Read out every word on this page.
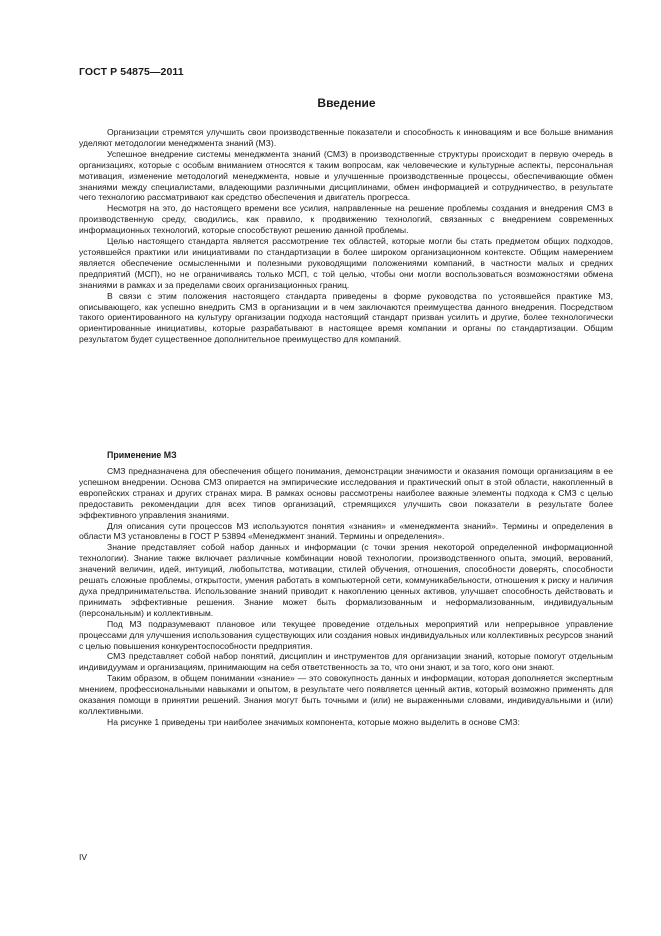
ГОСТ Р 54875—2011
Введение

Организации стремятся улучшить свои производственные показатели и способность к инновациям и все больше внимания уделяют методологии менеджмента знаний (МЗ).

Успешное внедрение системы менеджмента знаний (СМЗ) в производственные структуры происходит в первую очередь в организациях, которые с особым вниманием относятся к таким вопросам, как человеческие и культурные аспекты, персональная мотивация, изменение методологий менеджмента, новые и улучшенные производственные процессы, обеспечивающие обмен знаниями между специалистами, владеющими различными дисциплинами, обмен информацией и сотрудничество, в результате чего технологию рассматривают как средство обеспечения и двигатель прогресса.

Несмотря на это, до настоящего времени все усилия, направленные на решение проблемы создания и внедрения СМЗ в производственную среду, сводились, как правило, к продвижению технологий, связанных с внедрением современных информационных технологий, которые способствуют решению данной проблемы.

Целью настоящего стандарта является рассмотрение тех областей, которые могли бы стать предметом общих подходов, устоявшейся практики или инициативами по стандартизации в более широком организационном контексте. Общим намерением является обеспечение осмысленными и полезными руководящими положениями компаний, в частности малых и средних предприятий (МСП), но не ограничиваясь только МСП, с той целью, чтобы они могли воспользоваться возможностями обмена знаниями в рамках и за пределами своих организационных границ.

В связи с этим положения настоящего стандарта приведены в форме руководства по устоявшейся практике МЗ, описывающего, как успешно внедрить СМЗ в организации и в чем заключаются преимущества данного внедрения. Посредством такого ориентированного на культуру организации подхода настоящий стандарт призван усилить и другие, более технологически ориентированные инициативы, которые разрабатывают в настоящее время компании и органы по стандартизации. Общим результатом будет существенное дополнительное преимущество для компаний.

Применение МЗ

СМЗ предназначена для обеспечения общего понимания, демонстрации значимости и оказания помощи организациям в ее успешном внедрении. Основа СМЗ опирается на эмпирические исследования и практический опыт в этой области, накопленный в европейских странах и других странах мира. В рамках основы рассмотрены наиболее важные элементы подхода к СМЗ с целью предоставить рекомендации для всех типов организаций, стремящихся улучшить свои показатели в результате более эффективного управления знаниями.

Для описания сути процессов МЗ используются понятия «знания» и «менеджмента знаний». Термины и определения в области МЗ установлены в ГОСТ Р 53894 «Менеджмент знаний. Термины и определения».

Знание представляет собой набор данных и информации (с точки зрения некоторой определенной информационной технологии). Знание также включает различные комбинации новой технологии, производственного опыта, эмоций, верований, значений величин, идей, интуиций, любопытства, мотивации, стилей обучения, отношения, способности доверять, способности решать сложные проблемы, открытости, умения работать в компьютерной сети, коммуникабельности, отношения к риску и наличия духа предпринимательства. Использование знаний приводит к накоплению ценных активов, улучшает способность действовать и принимать эффективные решения. Знание может быть формализованным и неформализованным, индивидуальным (персональным) и коллективным.

Под МЗ подразумевают плановое или текущее проведение отдельных мероприятий или непрерывное управление процессами для улучшения использования существующих или создания новых индивидуальных или коллективных ресурсов знаний с целью повышения конкурентоспособности предприятия.

СМЗ представляет собой набор понятий, дисциплин и инструментов для организации знаний, которые помогут отдельным индивидуумам и организациям, принимающим на себя ответственность за то, что они знают, и за того, кого они знают.

Таким образом, в общем понимании «знание» — это совокупность данных и информации, которая дополняется экспертным мнением, профессиональными навыками и опытом, в результате чего появляется ценный актив, который возможно применять для оказания помощи в принятии решений. Знания могут быть точными и (или) не выраженными словами, индивидуальными и (или) коллективными.

На рисунке 1 приведены три наиболее значимых компонента, которые можно выделить в основе СМЗ:

IV
